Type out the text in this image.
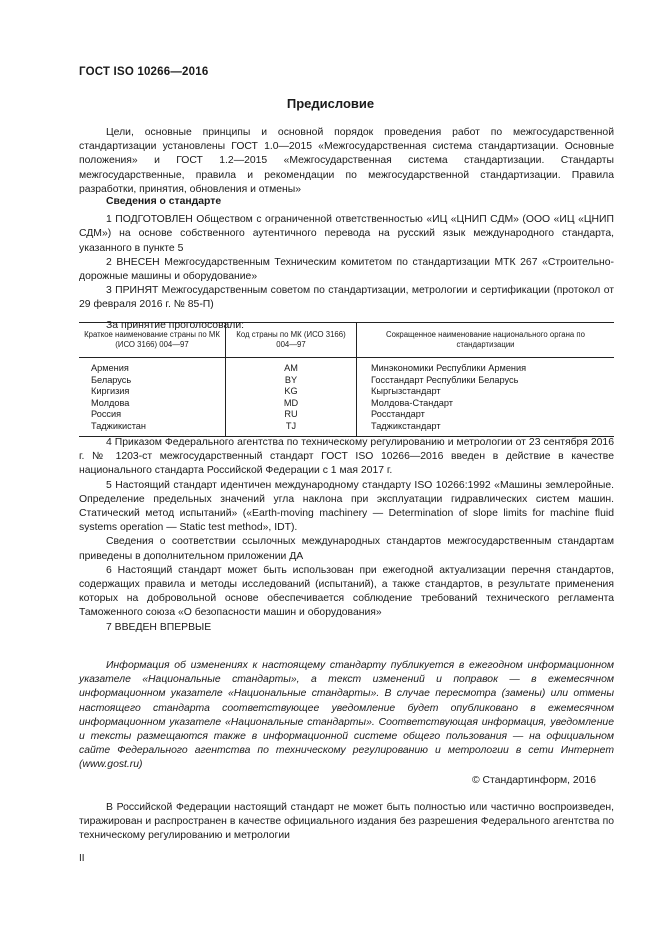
ГОСТ ISO 10266—2016
Предисловие

Цели, основные принципы и основной порядок проведения работ по межгосударственной стандартизации установлены ГОСТ 1.0—2015 «Межгосударственная система стандартизации. Основные положения» и ГОСТ 1.2—2015 «Межгосударственная система стандартизации. Стандарты межгосударственные, правила и рекомендации по межгосударственной стандартизации. Правила разработки, принятия, обновления и отмены»

Сведения о стандарте

1 ПОДГОТОВЛЕН Обществом с ограниченной ответственностью «ИЦ «ЦНИП СДМ» (ООО «ИЦ «ЦНИП СДМ») на основе собственного аутентичного перевода на русский язык международного стандарта, указанного в пункте 5

2 ВНЕСЕН Межгосударственным Техническим комитетом по стандартизации МТК 267 «Строительно-дорожные машины и оборудование»

3 ПРИНЯТ Межгосударственным советом по стандартизации, метрологии и сертификации (протокол от 29 февраля 2016 г. № 85-П)

За принятие проголосовали:

Краткое наименование страны по МК (ИСО 3166) 004—97	Код страны по МК (ИСО 3166) 004—97	Сокращенное наименование национального органа по стандартизации
Армения	AM	Минэкономики Республики Армения
Беларусь	BY	Госстандарт Республики Беларусь
Киргизия	KG	Кыргызстандарт
Молдова	MD	Молдова-Стандарт
Россия	RU	Росстандарт
Таджикистан	TJ	Таджикстандарт

4 Приказом Федерального агентства по техническому регулированию и метрологии от 23 сентября 2016 г. № 1203-ст межгосударственный стандарт ГОСТ ISO 10266—2016 введен в действие в качестве национального стандарта Российской Федерации с 1 мая 2017 г.

5 Настоящий стандарт идентичен международному стандарту ISO 10266:1992 «Машины землеройные. Определение предельных значений угла наклона при эксплуатации гидравлических систем машин. Статический метод испытаний» («Earth-moving machinery — Determination of slope limits for machine fluid systems operation — Static test method», IDT).

Сведения о соответствии ссылочных международных стандартов межгосударственным стандартам приведены в дополнительном приложении ДА

6 Настоящий стандарт может быть использован при ежегодной актуализации перечня стандартов, содержащих правила и методы исследований (испытаний), а также стандартов, в результате применения которых на добровольной основе обеспечивается соблюдение требований технического регламента Таможенного союза «О безопасности машин и оборудования»

7 ВВЕДЕН ВПЕРВЫЕ

Информация об изменениях к настоящему стандарту публикуется в ежегодном информационном указателе «Национальные стандарты», а текст изменений и поправок — в ежемесячном информационном указателе «Национальные стандарты». В случае пересмотра (замены) или отмены настоящего стандарта соответствующее уведомление будет опубликовано в ежемесячном информационном указателе «Национальные стандарты». Соответствующая информация, уведомление и тексты размещаются также в информационной системе общего пользования — на официальном сайте Федерального агентства по техническому регулированию и метрологии в сети Интернет (www.gost.ru)

© Стандартинформ, 2016

В Российской Федерации настоящий стандарт не может быть полностью или частично воспроизведен, тиражирован и распространен в качестве официального издания без разрешения Федерального агентства по техническому регулированию и метрологии

II
